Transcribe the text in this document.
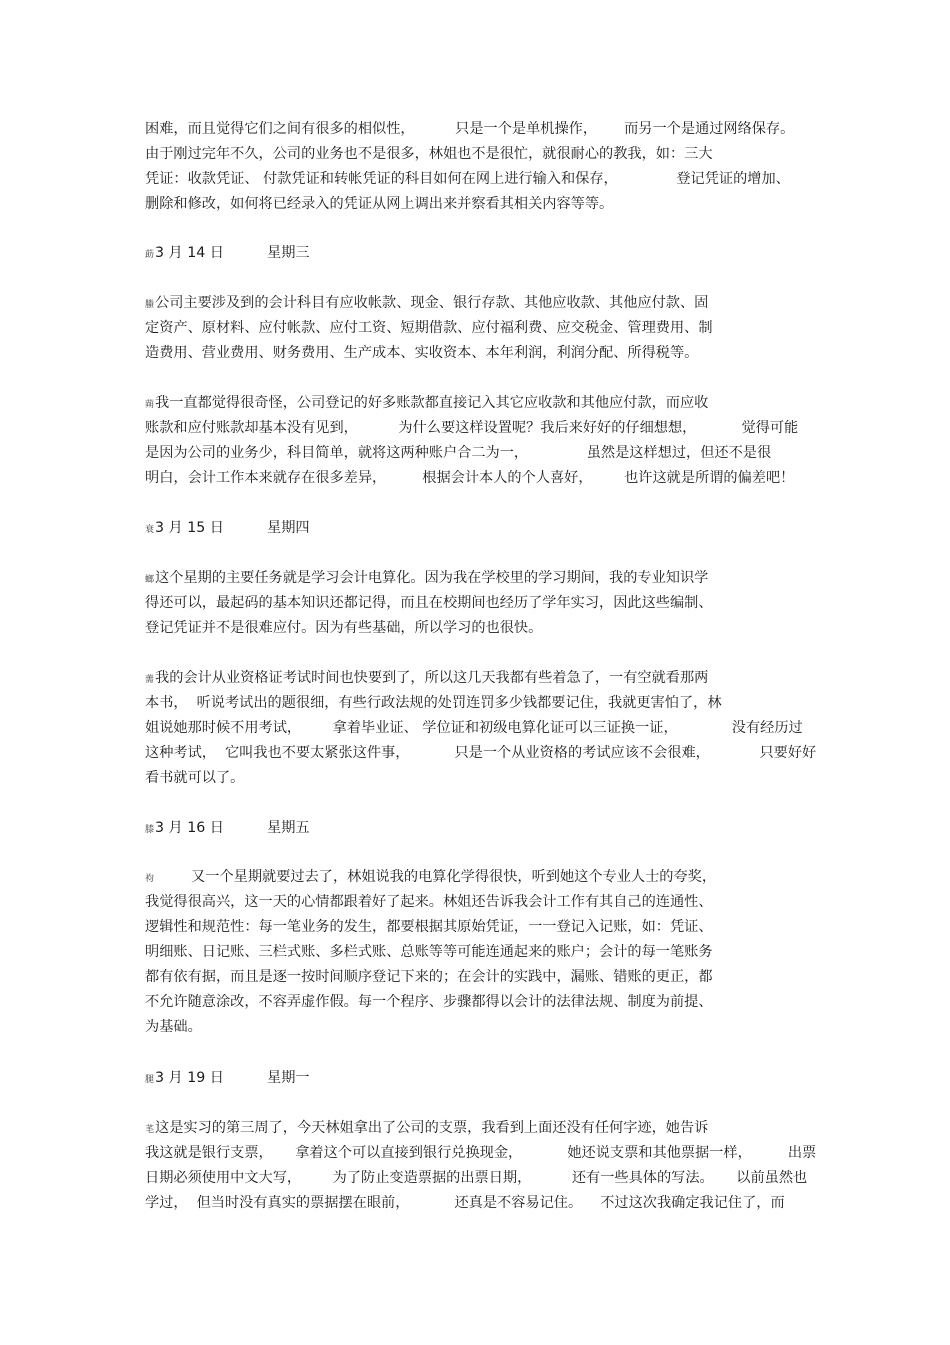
困难，而且觉得它们之间有很多的相似性，         只是一个是单机操作，      而另一个是通过网络保存。

由于刚过完年不久，公司的业务也不是很多，林姐也不是很忙，就很耐心的教我，如：三大

凭证：收款凭证、 付款凭证和转帐凭证的科目如何在网上进行输入和保存，             登记凭证的增加、

删除和修改，如何将已经录入的凭证从网上调出来并察看其相关内容等等。

莇3 月 14 日	星期三

螣公司主要涉及到的会计科目有应收帐款、现金、银行存款、其他应收款、其他应付款、固

定资产、原材料、应付帐款、应付工资、短期借款、应付福利费、应交税金、管理费用、制

造费用、营业费用、财务费用、生产成本、实收资本、本年利润，利润分配、所得税等。

蒴我一直都觉得很奇怪，公司登记的好多账款都直接记入其它应收款和其他应付款，而应收

账款和应付账款却基本没有见到，         为什么要这样设置呢？我后来好好的仔细想想，          觉得可能

是因为公司的业务少，科目简单，就将这两种账户合二为一，             虽然是这样想过，但还不是很

明白，会计工作本来就存在很多差异，        根据会计本人的个人喜好，       也许这就是所谓的偏差吧！

衰3 月 15 日	星期四

螂这个星期的主要任务就是学习会计电算化。因为我在学校里的学习期间，我的专业知识学

得还可以，最起码的基本知识还都记得，而且在校期间也经历了学年实习，因此这些编制、

登记凭证并不是很难应付。因为有些基础，所以学习的也很快。

薷我的会计从业资格证考试时间也快要到了，所以这几天我都有些着急了，一有空就看那两

本书，  听说考试出的题很细，有些行政法规的处罚连罚多少钱都要记住，我就更害怕了，林

姐说她那时候不用考试，       拿着毕业证、 学位证和初级电算化证可以三证换一证，            没有经历过

这种考试，  它叫我也不要太紧张这件事，          只是一个从业资格的考试应该不会很难，           只要好好

看书就可以了。

膝3 月 16 日	星期五

袀        又一个星期就要过去了，林姐说我的电算化学得很快，听到她这个专业人士的夸奖，

我觉得很高兴，这一天的心情都跟着好了起来。林姐还告诉我会计工作有其自己的连通性、

逻辑性和规范性：每一笔业务的发生，都要根据其原始凭证，一一登记入记账，如：凭证、

明细账、日记账、三栏式账、多栏式账、总账等等可能连通起来的账户；会计的每一笔账务

都有依有据，而且是逐一按时间顺序登记下来的；在会计的实践中，漏账、错账的更正，都

不允许随意涂改，不容弄虚作假。每一个程序、步骤都得以会计的法律法规、制度为前提、

为基础。

腿3 月 19 日	星期一

芼这是实习的第三周了，今天林姐拿出了公司的支票，我看到上面还没有任何字迹，她告诉

我这就是银行支票，     拿着这个可以直接到银行兑换现金，          她还说支票和其他票据一样，        出票

日期必须使用中文大写，       为了防止变造票据的出票日期，         还有一些具体的写法。     以前虽然也

学过，  但当时没有真实的票据摆在眼前，          还真是不容易记住。    不过这次我确定我记住了，而
